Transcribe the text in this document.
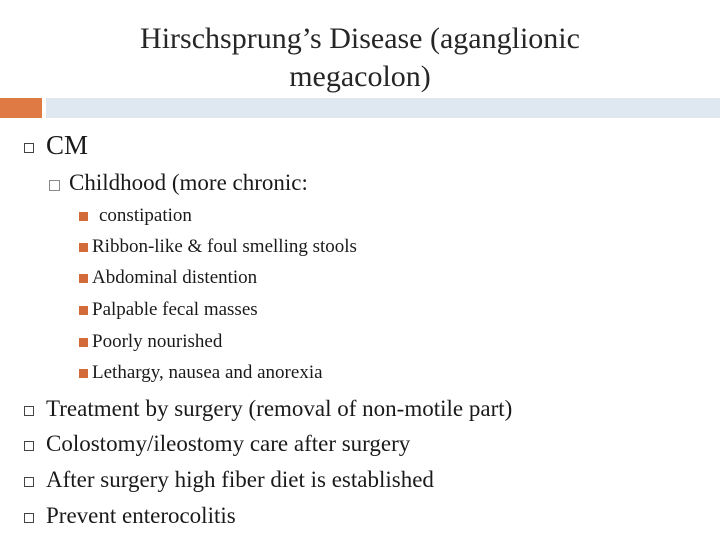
Hirschsprung’s Disease (aganglionic
megacolon)
CM
Childhood (more chronic:
constipation
Ribbon-like & foul smelling stools
Abdominal distention
Palpable fecal masses
Poorly nourished
Lethargy, nausea and anorexia
Treatment by surgery (removal of non-motile part)
Colostomy/ileostomy care after surgery
After surgery high fiber diet is established
Prevent enterocolitis
